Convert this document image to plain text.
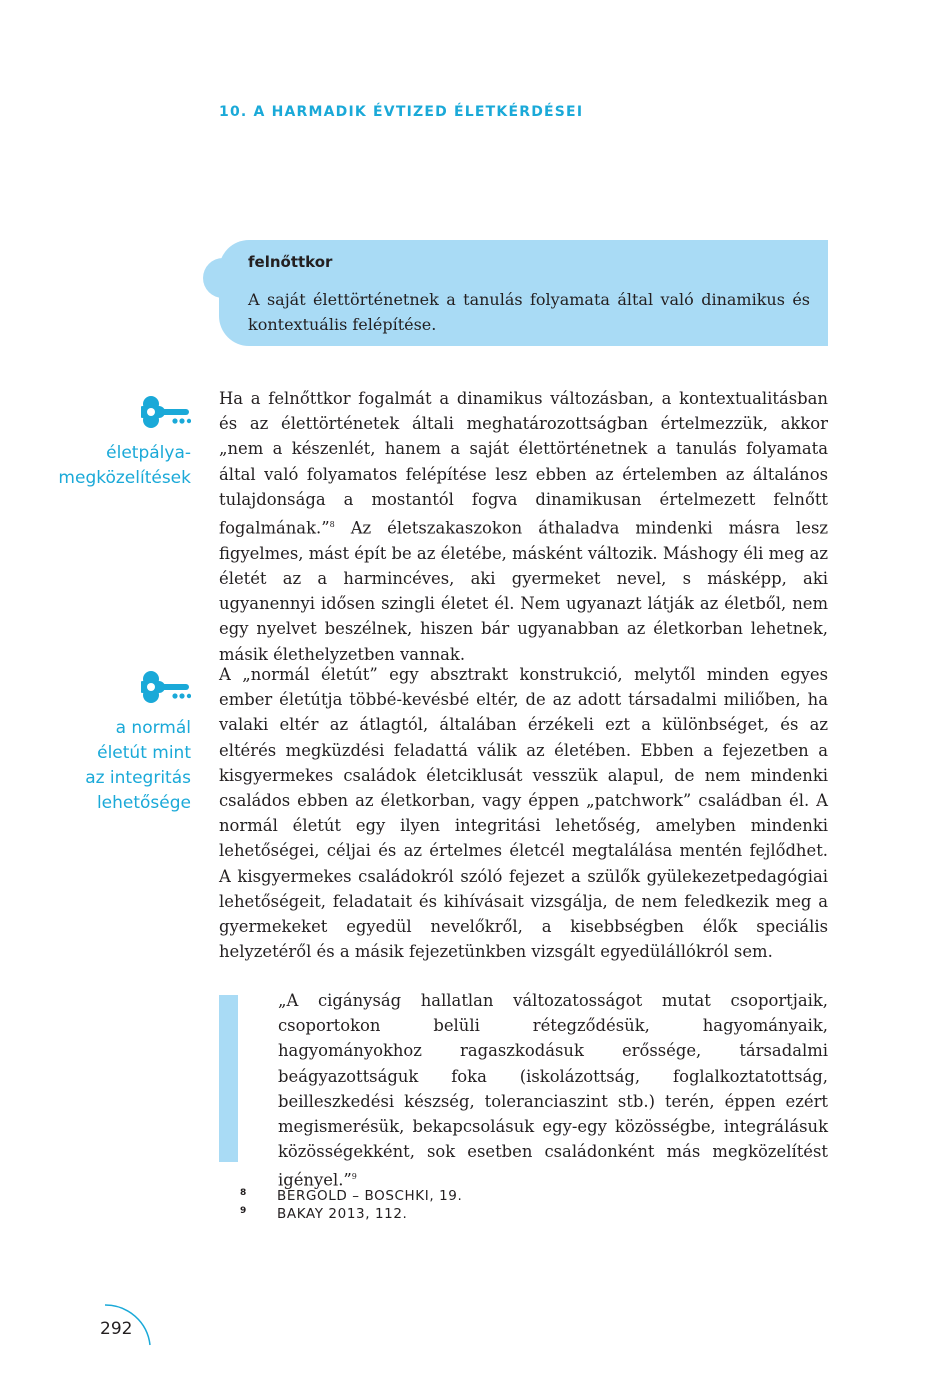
10. A HARMADIK ÉVTIZED ÉLETKÉRDÉSEI
felnőttkor
A saját élettörténetnek a tanulás folyamata által való dinamikus és kontextuális felépítése.
életpálya-
megközelítések
a normál
életút mint
az integritás
lehetősége
Ha a felnőttkor fogalmát a dinamikus változásban, a kontextualitásban és az élettörténetek általi meghatározottságban értelmezzük, akkor „nem a készenlét, hanem a saját élettörténetnek a tanulás folyamata által való folyamatos felépítése lesz ebben az értelemben az általános tulajdonsága a mostantól fogva dinamikusan értelmezett felnőtt fogalmának.”$^8$ Az életszakaszokon áthaladva mindenki másra lesz figyelmes, mást épít be az életébe, másként változik. Máshogy éli meg az életét az a harmincéves, aki gyermeket nevel, s másképp, aki ugyanennyi idősen szingli életet él. Nem ugyanazt látják az életből, nem egy nyelvet beszélnek, hiszen bár ugyanabban az életkorban lehetnek, másik élethelyzetben vannak.
A „normál életút” egy absztrakt konstrukció, melytől minden egyes ember életútja többé-kevésbé eltér, de az adott társadalmi miliőben, ha valaki eltér az átlagtól, általában érzékeli ezt a különbséget, és az eltérés megküzdési feladattá válik az életében. Ebben a fejezetben a kisgyermekes családok életciklusát vesszük alapul, de nem mindenki családos ebben az életkorban, vagy éppen „patchwork” családban él. A normál életút egy ilyen integritási lehetőség, amelyben mindenki lehetőségei, céljai és az értelmes életcél megtalálása mentén fejlődhet. A kisgyermekes családokról szóló fejezet a szülők gyülekezetpedagógiai lehetőségeit, feladatait és kihívásait vizsgálja, de nem feledkezik meg a gyermekeket egyedül nevelőkről, a kisebbségben élők speciális helyzetéről és a másik fejezetünkben vizsgált egyedülállókról sem.
„A cigányság hallatlan változatosságot mutat csoportjaik, csoportokon belüli rétegződésük, hagyományaik, hagyományokhoz ragaszkodásuk erőssége, társadalmi beágyazottságuk foka (iskolázottság, foglalkoztatottság, beilleszkedési készség, toleranciaszint stb.) terén, éppen ezért megismerésük, bekapcsolásuk egy-egy közösségbe, integrálásuk közösségekként, sok esetben családonként más megközelítést igényel.”$^9$
8	BERGOLD – BOSCHKI, 19.
9	BAKAY 2013, 112.
292
